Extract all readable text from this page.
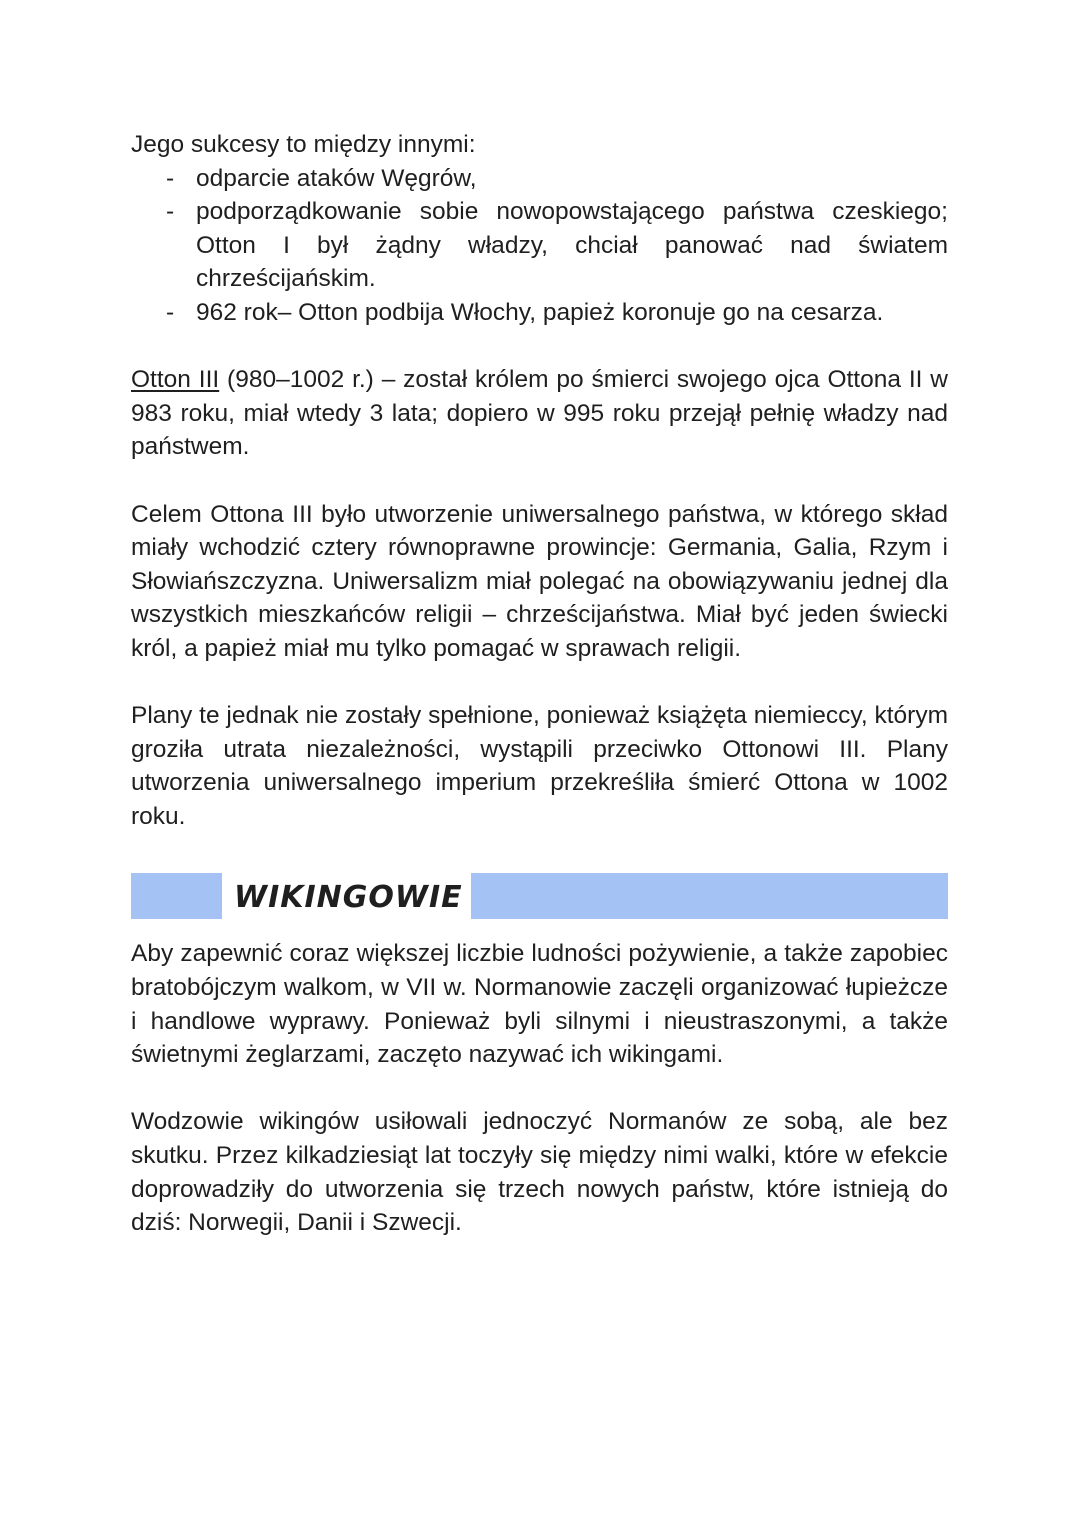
Jego sukcesy to między innymi:

- odparcie ataków Węgrów,
- podporządkowanie sobie nowopowstającego państwa czeskiego; Otton I był żądny władzy, chciał panować nad światem chrześcijańskim.
- 962 rok– Otton podbija Włochy, papież koronuje go na cesarza.

Otton III (980–1002 r.) – został królem po śmierci swojego ojca Ottona II w 983 roku, miał wtedy 3 lata; dopiero w 995 roku przejął pełnię władzy nad państwem.

Celem Ottona III było utworzenie uniwersalnego państwa, w którego skład miały wchodzić cztery równoprawne prowincje: Germania, Galia, Rzym i Słowiańszczyzna. Uniwersalizm miał polegać na obowiązywaniu jednej dla wszystkich mieszkańców religii – chrześcijaństwa. Miał być jeden świecki król, a papież miał mu tylko pomagać w sprawach religii.

Plany te jednak nie zostały spełnione, ponieważ książęta niemieccy, którym groziła utrata niezależności, wystąpili przeciwko Ottonowi III. Plany utworzenia uniwersalnego imperium przekreśliła śmierć Ottona w 1002 roku.

WIKINGOWIE

Aby zapewnić coraz większej liczbie ludności pożywienie, a także zapobiec bratobójczym walkom, w VII w. Normanowie zaczęli organizować łupieżcze i handlowe wyprawy. Ponieważ byli silnymi i nieustraszonymi, a także świetnymi żeglarzami, zaczęto nazywać ich wikingami.

Wodzowie wikingów usiłowali jednoczyć Normanów ze sobą, ale bez skutku. Przez kilkadziesiąt lat toczyły się między nimi walki, które w efekcie doprowadziły do utworzenia się trzech nowych państw, które istnieją do dziś: Norwegii, Danii i Szwecji.
